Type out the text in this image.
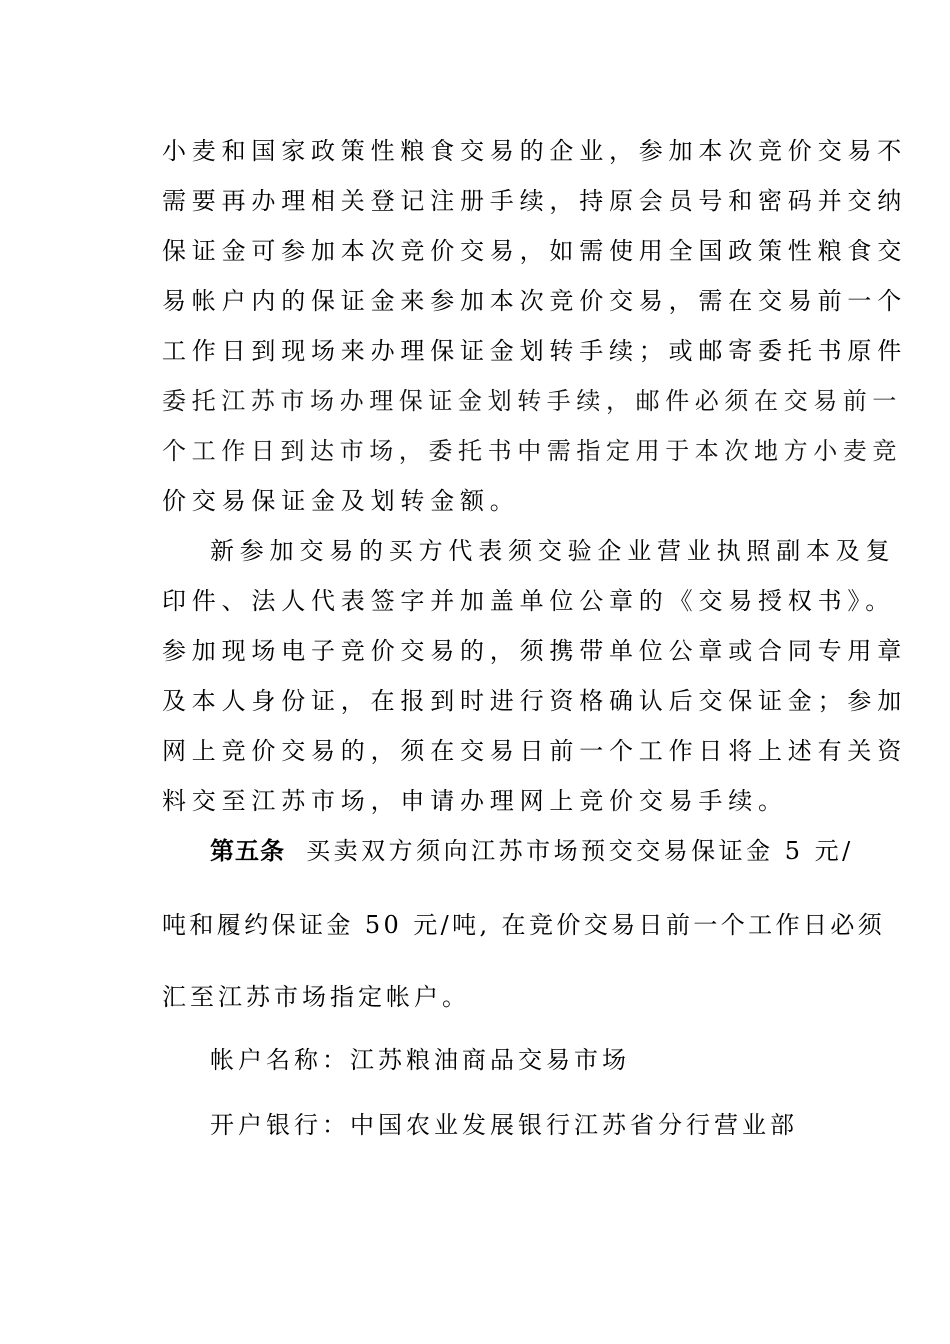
小麦和国家政策性粮食交易的企业，参加本次竞价交易不
需要再办理相关登记注册手续，持原会员号和密码并交纳
保证金可参加本次竞价交易，如需使用全国政策性粮食交
易帐户内的保证金来参加本次竞价交易，需在交易前一个
工作日到现场来办理保证金划转手续；或邮寄委托书原件
委托江苏市场办理保证金划转手续，邮件必须在交易前一
个工作日到达市场，委托书中需指定用于本次地方小麦竞
价交易保证金及划转金额。
新参加交易的买方代表须交验企业营业执照副本及复
印件、法人代表签字并加盖单位公章的《交易授权书》。
参加现场电子竞价交易的，须携带单位公章或合同专用章
及本人身份证，在报到时进行资格确认后交保证金；参加
网上竞价交易的，须在交易日前一个工作日将上述有关资
料交至江苏市场，申请办理网上竞价交易手续。
第五条 买卖双方须向江苏市场预交交易保证金 5 元/
吨和履约保证金 50 元/吨, 在竞价交易日前一个工作日必须
汇至江苏市场指定帐户。
帐户名称：江苏粮油商品交易市场
开户银行：中国农业发展银行江苏省分行营业部
